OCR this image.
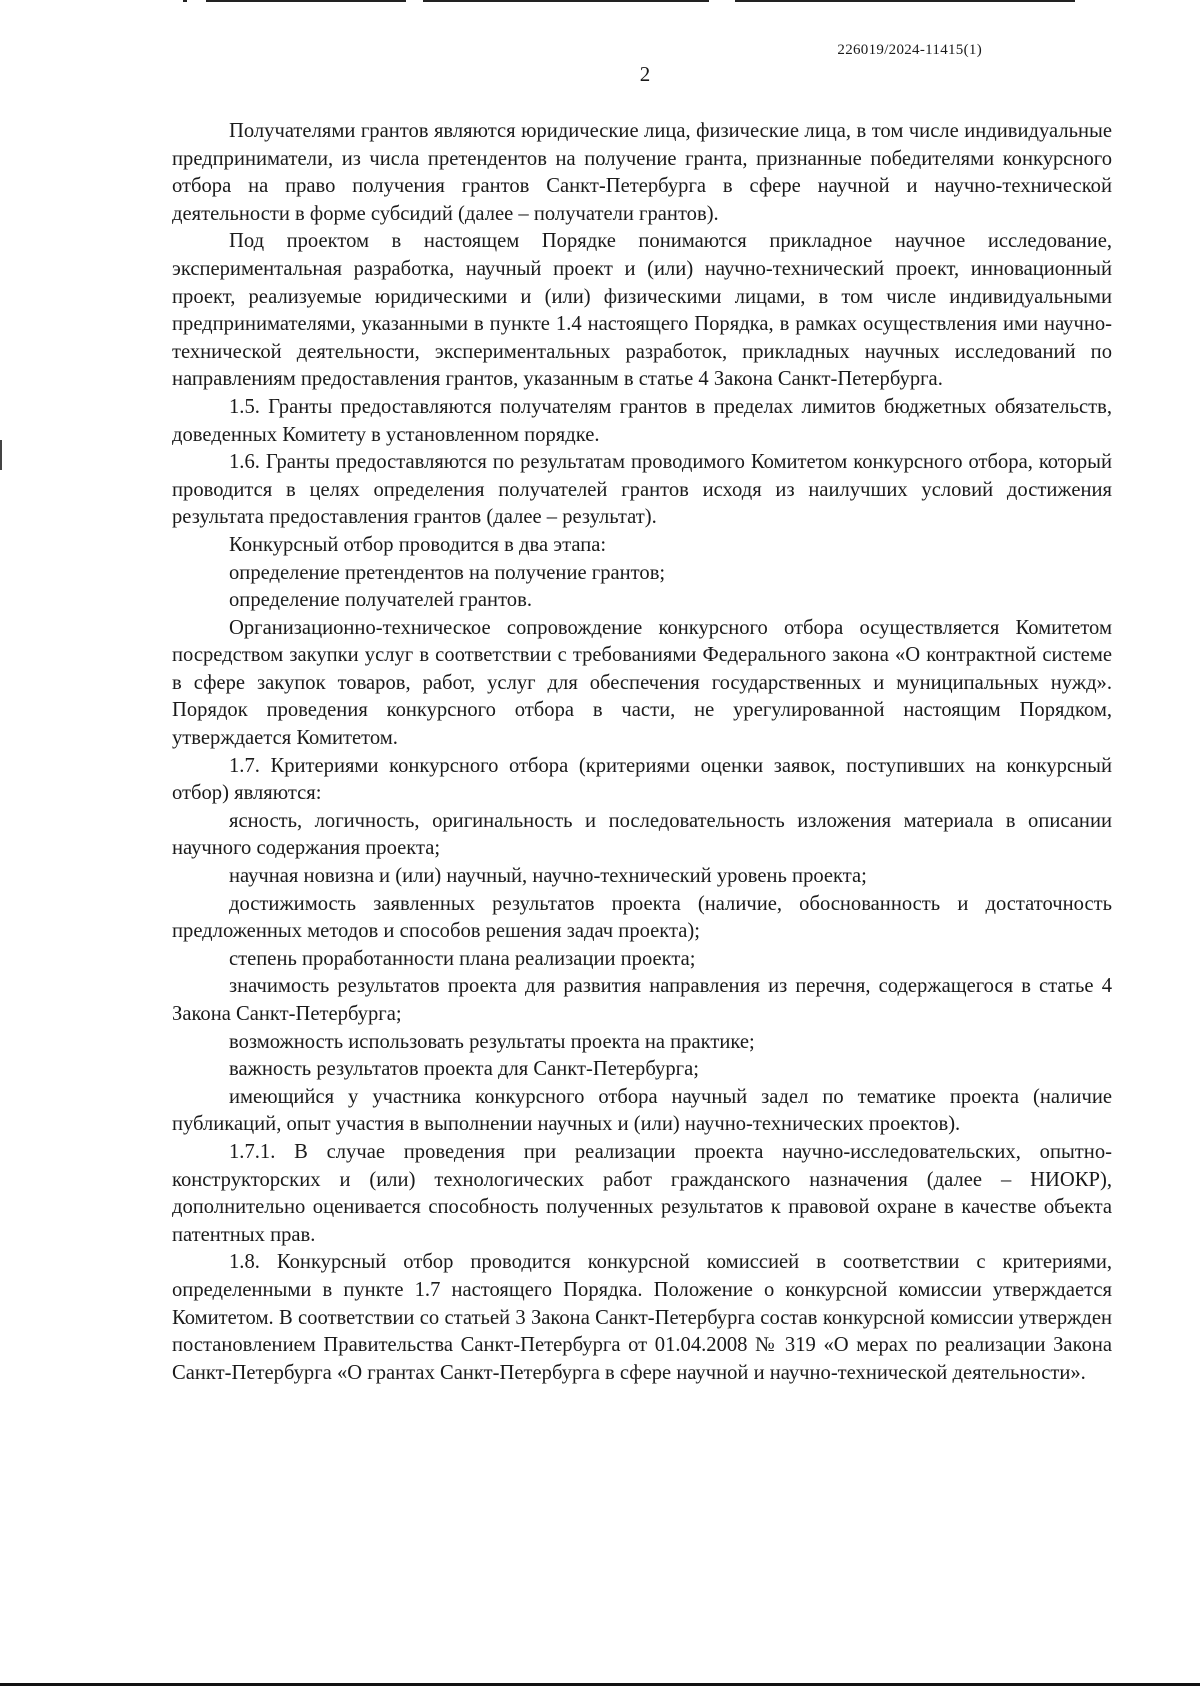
226019/2024-11415(1)
2

Получателями грантов являются юридические лица, физические лица, в том числе индивидуальные предприниматели, из числа претендентов на получение гранта, признанные победителями конкурсного отбора на право получения грантов Санкт-Петербурга в сфере научной и научно-технической деятельности в форме субсидий (далее – получатели грантов).

Под проектом в настоящем Порядке понимаются прикладное научное исследование, экспериментальная разработка, научный проект и (или) научно-технический проект, инновационный проект, реализуемые юридическими и (или) физическими лицами, в том числе индивидуальными предпринимателями, указанными в пункте 1.4 настоящего Порядка, в рамках осуществления ими научно-технической деятельности, экспериментальных разработок, прикладных научных исследований по направлениям предоставления грантов, указанным в статье 4 Закона Санкт-Петербурга.

1.5. Гранты предоставляются получателям грантов в пределах лимитов бюджетных обязательств, доведенных Комитету в установленном порядке.

1.6. Гранты предоставляются по результатам проводимого Комитетом конкурсного отбора, который проводится в целях определения получателей грантов исходя из наилучших условий достижения результата предоставления грантов (далее – результат).

Конкурсный отбор проводится в два этапа:

определение претендентов на получение грантов;

определение получателей грантов.

Организационно-техническое сопровождение конкурсного отбора осуществляется Комитетом посредством закупки услуг в соответствии с требованиями Федерального закона «О контрактной системе в сфере закупок товаров, работ, услуг для обеспечения государственных и муниципальных нужд». Порядок проведения конкурсного отбора в части, не урегулированной настоящим Порядком, утверждается Комитетом.

1.7. Критериями конкурсного отбора (критериями оценки заявок, поступивших на конкурсный отбор) являются:

ясность, логичность, оригинальность и последовательность изложения материала в описании научного содержания проекта;

научная новизна и (или) научный, научно-технический уровень проекта;

достижимость заявленных результатов проекта (наличие, обоснованность и достаточность предложенных методов и способов решения задач проекта);

степень проработанности плана реализации проекта;

значимость результатов проекта для развития направления из перечня, содержащегося в статье 4 Закона Санкт-Петербурга;

возможность использовать результаты проекта на практике;

важность результатов проекта для Санкт-Петербурга;

имеющийся у участника конкурсного отбора научный задел по тематике проекта (наличие публикаций, опыт участия в выполнении научных и (или) научно-технических проектов).

1.7.1. В случае проведения при реализации проекта научно-исследовательских, опытно-конструкторских и (или) технологических работ гражданского назначения (далее – НИОКР), дополнительно оценивается способность полученных результатов к правовой охране в качестве объекта патентных прав.

1.8. Конкурсный отбор проводится конкурсной комиссией в соответствии с критериями, определенными в пункте 1.7 настоящего Порядка. Положение о конкурсной комиссии утверждается Комитетом. В соответствии со статьей 3 Закона Санкт-Петербурга состав конкурсной комиссии утвержден постановлением Правительства Санкт-Петербурга от 01.04.2008 № 319 «О мерах по реализации Закона Санкт-Петербурга «О грантах Санкт-Петербурга в сфере научной и научно-технической деятельности».
